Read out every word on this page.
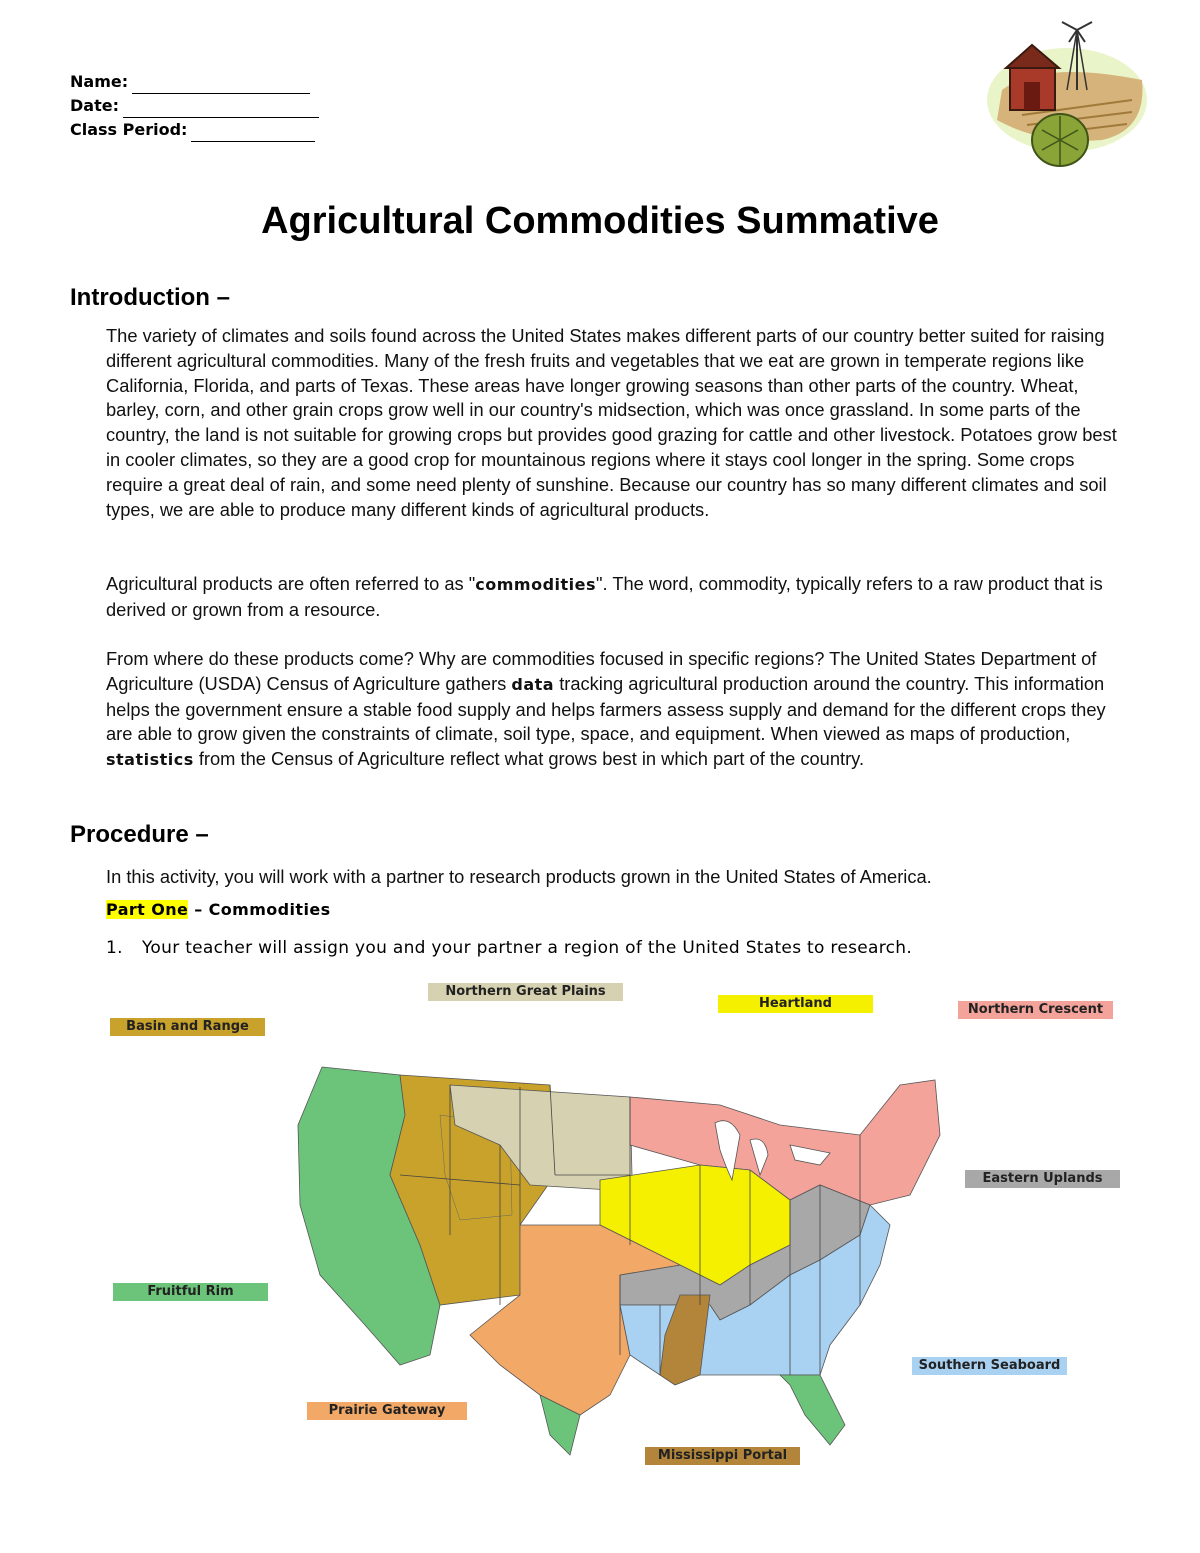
Name:
Date:
Class Period:
Agricultural Commodities Summative
Introduction –
The variety of climates and soils found across the United States makes different parts of our country better suited for raising different agricultural commodities. Many of the fresh fruits and vegetables that we eat are grown in temperate regions like California, Florida, and parts of Texas. These areas have longer growing seasons than other parts of the country. Wheat, barley, corn, and other grain crops grow well in our country's midsection, which was once grassland. In some parts of the country, the land is not suitable for growing crops but provides good grazing for cattle and other livestock. Potatoes grow best in cooler climates, so they are a good crop for mountainous regions where it stays cool longer in the spring. Some crops require a great deal of rain, and some need plenty of sunshine. Because our country has so many different climates and soil types, we are able to produce many different kinds of agricultural products.
Agricultural products are often referred to as "commodities". The word, commodity, typically refers to a raw product that is derived or grown from a resource.
From where do these products come? Why are commodities focused in specific regions? The United States Department of Agriculture (USDA) Census of Agriculture gathers data tracking agricultural production around the country. This information helps the government ensure a stable food supply and helps farmers assess supply and demand for the different crops they are able to grow given the constraints of climate, soil type, space, and equipment. When viewed as maps of production, statistics from the Census of Agriculture reflect what grows best in which part of the country.
Procedure –
In this activity, you will work with a partner to research products grown in the United States of America.
Part One – Commodities
1. Your teacher will assign you and your partner a region of the United States to research.
Basin and Range
Northern Great Plains
Heartland	Northern Crescent
Eastern Uplands
Fruitful Rim
Southern Seaboard
Prairie Gateway
Mississippi Portal
